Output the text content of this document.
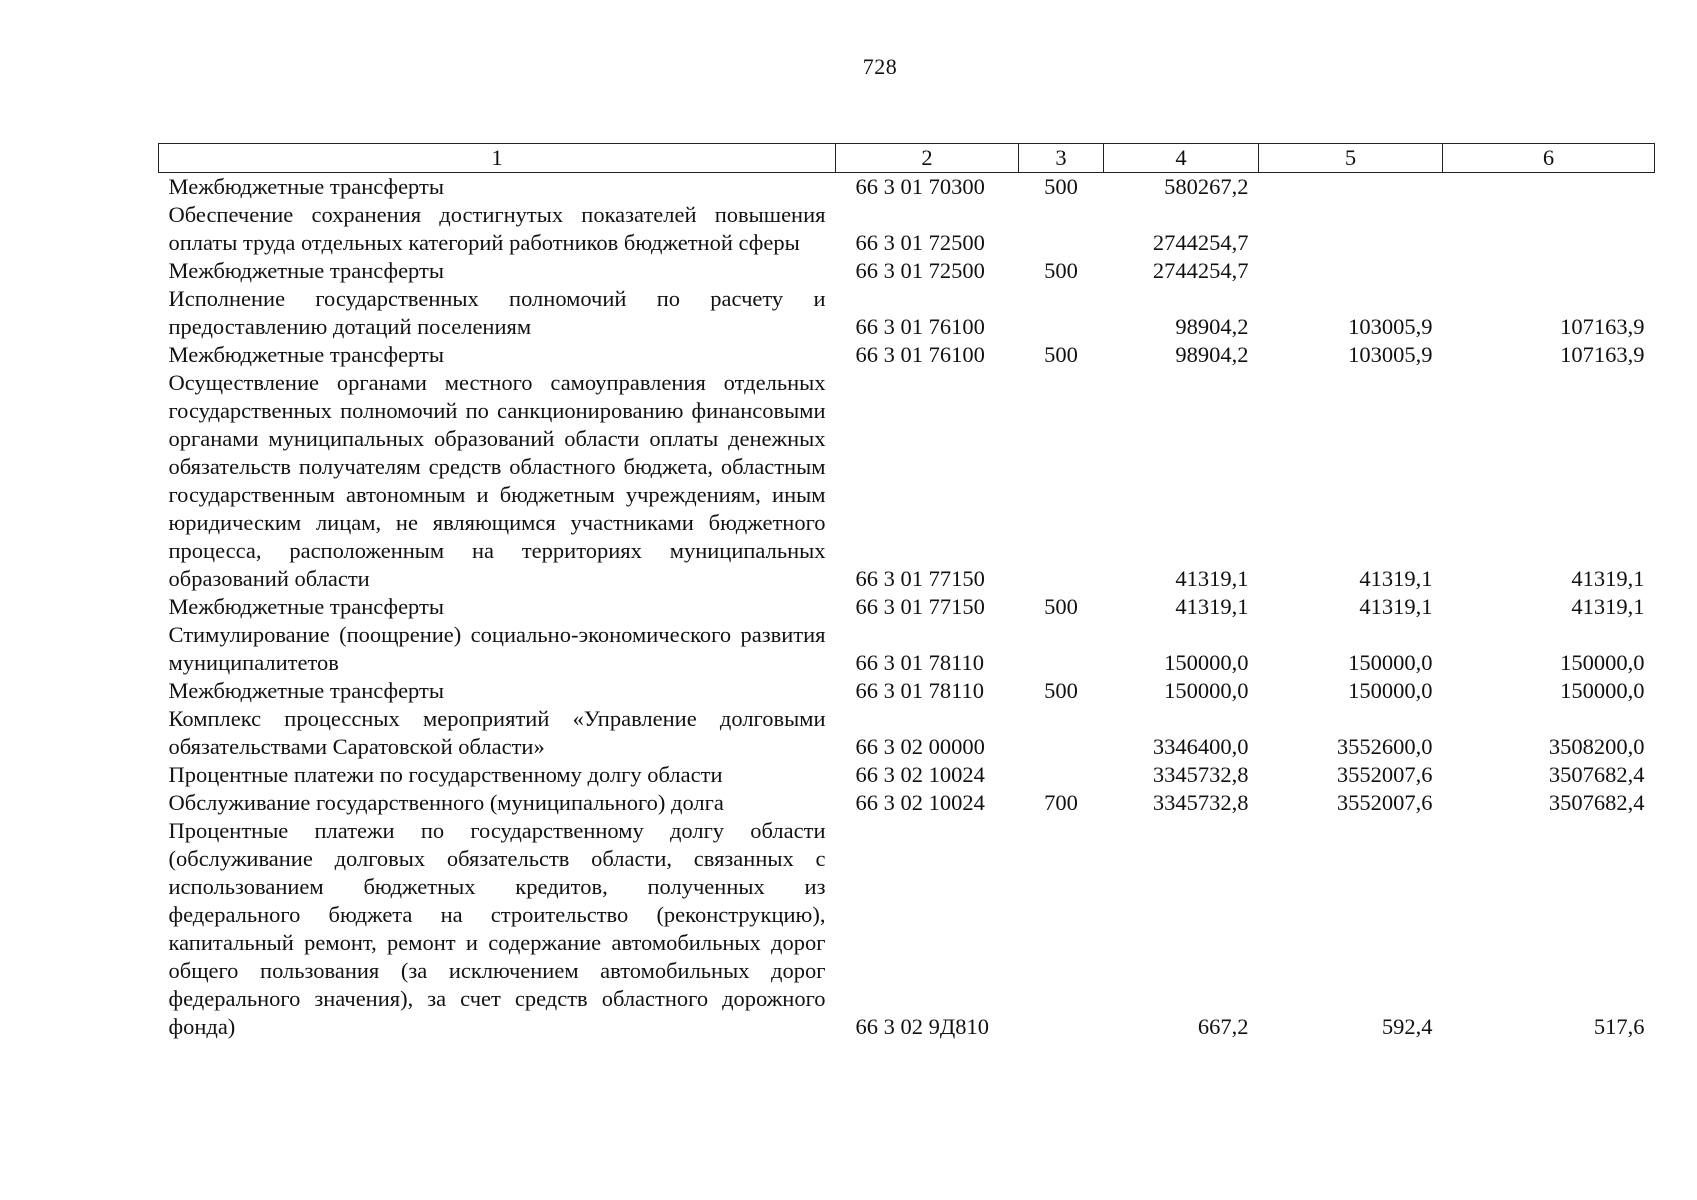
728
1	2	3	4	5	6
Межбюджетные трансферты	66 3 01 70300	500	580267,2		
Обеспечение сохранения достигнутых показателей повышения оплаты труда отдельных категорий работников бюджетной сферы	66 3 01 72500		2744254,7		
Межбюджетные трансферты	66 3 01 72500	500	2744254,7		
Исполнение государственных полномочий по расчету и предоставлению дотаций поселениям	66 3 01 76100		98904,2	103005,9	107163,9
Межбюджетные трансферты	66 3 01 76100	500	98904,2	103005,9	107163,9
Осуществление органами местного самоуправления отдельных государственных полномочий по санкционированию финансовыми органами муниципальных образований области оплаты денежных обязательств получателям средств областного бюджета, областным государственным автономным и бюджетным учреждениям, иным юридическим лицам, не являющимся участниками бюджетного процесса, расположенным на территориях муниципальных образований области	66 3 01 77150		41319,1	41319,1	41319,1
Межбюджетные трансферты	66 3 01 77150	500	41319,1	41319,1	41319,1
Стимулирование (поощрение) социально-экономического развития муниципалитетов	66 3 01 78110		150000,0	150000,0	150000,0
Межбюджетные трансферты	66 3 01 78110	500	150000,0	150000,0	150000,0
Комплекс процессных мероприятий «Управление долговыми обязательствами Саратовской области»	66 3 02 00000		3346400,0	3552600,0	3508200,0
Процентные платежи по государственному долгу области	66 3 02 10024		3345732,8	3552007,6	3507682,4
Обслуживание государственного (муниципального) долга	66 3 02 10024	700	3345732,8	3552007,6	3507682,4
Процентные платежи по государственному долгу области (обслуживание долговых обязательств области, связанных с использованием бюджетных кредитов, полученных из федерального бюджета на строительство (реконструкцию), капитальный ремонт, ремонт и содержание автомобильных дорог общего пользования (за исключением автомобильных дорог федерального значения), за счет средств областного дорожного фонда)	66 3 02 9Д810		667,2	592,4	517,6
